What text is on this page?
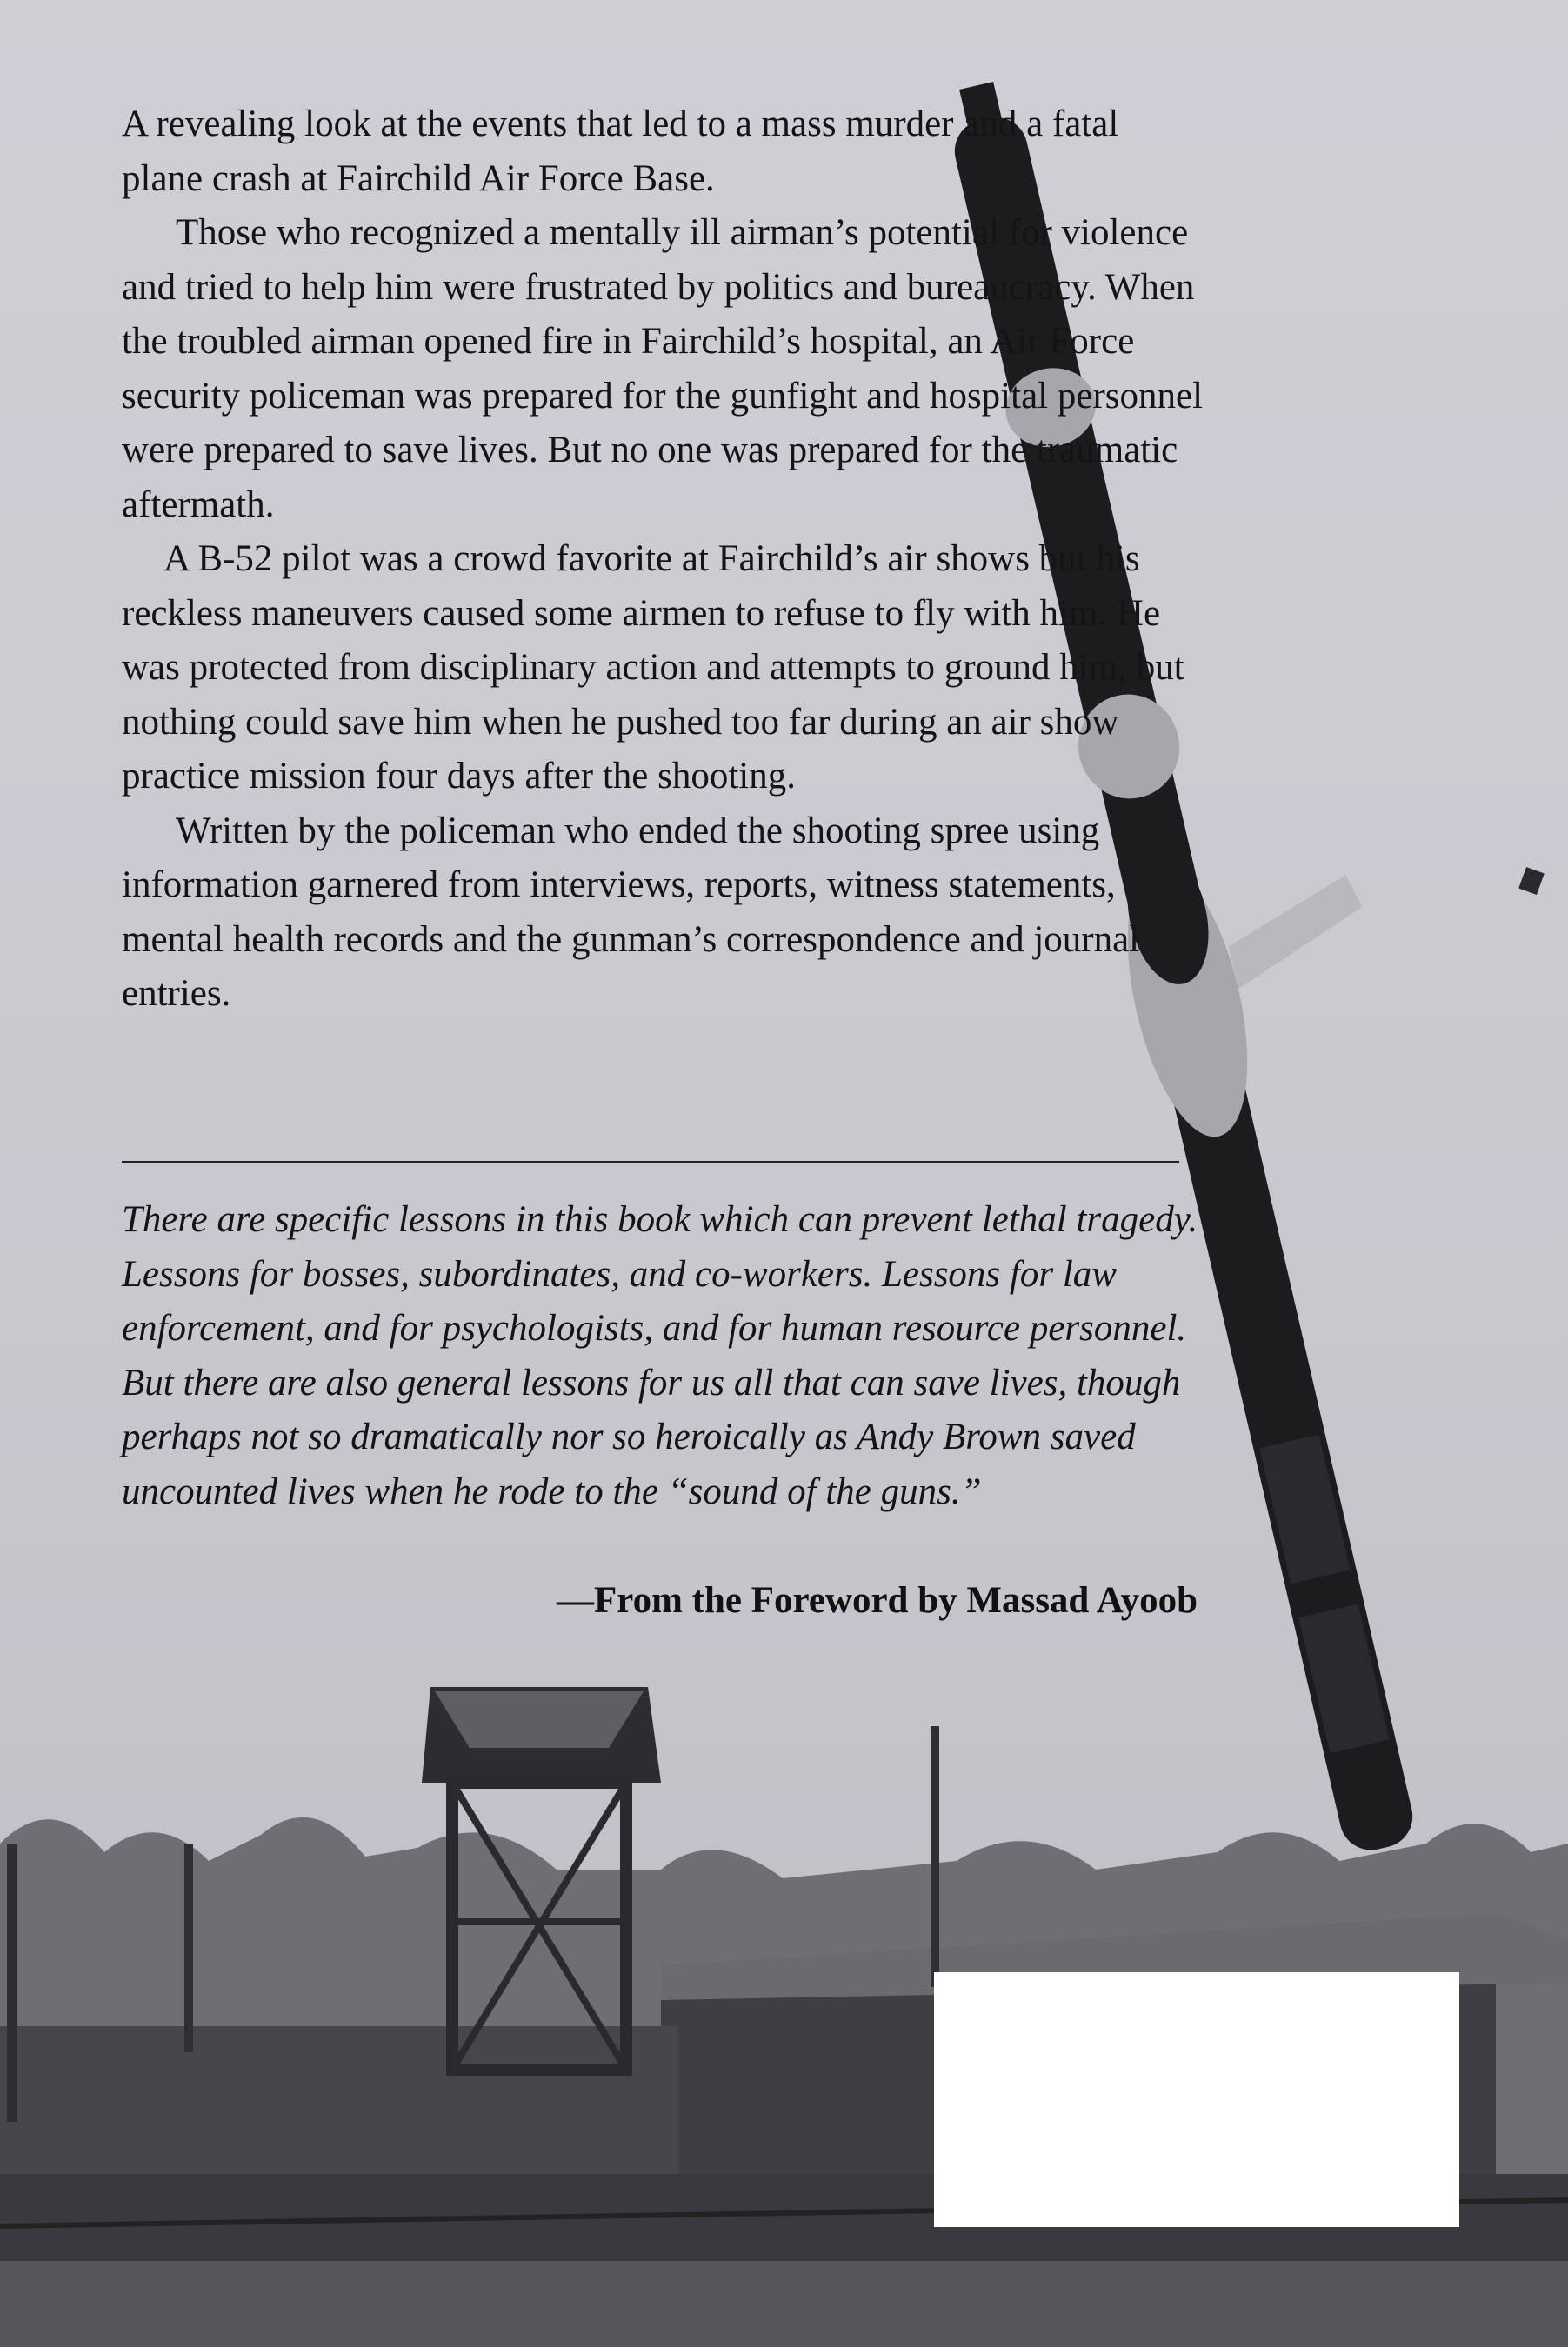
A revealing look at the events that led to a mass murder and a fatal plane crash at Fairchild Air Force Base.

Those who recognized a mentally ill airman’s potential for violence and tried to help him were frustrated by politics and bureaucracy. When the troubled airman opened fire in Fairchild’s hospital, an Air Force security policeman was prepared for the gunfight and hospital personnel were prepared to save lives. But no one was prepared for the traumatic aftermath.

A B-52 pilot was a crowd favorite at Fairchild’s air shows but his reckless maneuvers caused some airmen to refuse to fly with him. He was protected from disciplinary action and attempts to ground him, but nothing could save him when he pushed too far during an air show practice mission four days after the shooting.

Written by the policeman who ended the shooting spree using information garnered from interviews, reports, witness statements, mental health records and the gunman’s correspondence and journal entries.

There are specific lessons in this book which can prevent lethal tragedy. Lessons for bosses, subordinates, and co-workers. Lessons for law enforcement, and for psychologists, and for human resource personnel. But there are also general lessons for us all that can save lives, though perhaps not so dramatically nor so heroically as Andy Brown saved uncounted lives when he rode to the “sound of the guns.”

—From the Foreword by Massad Ayoob
